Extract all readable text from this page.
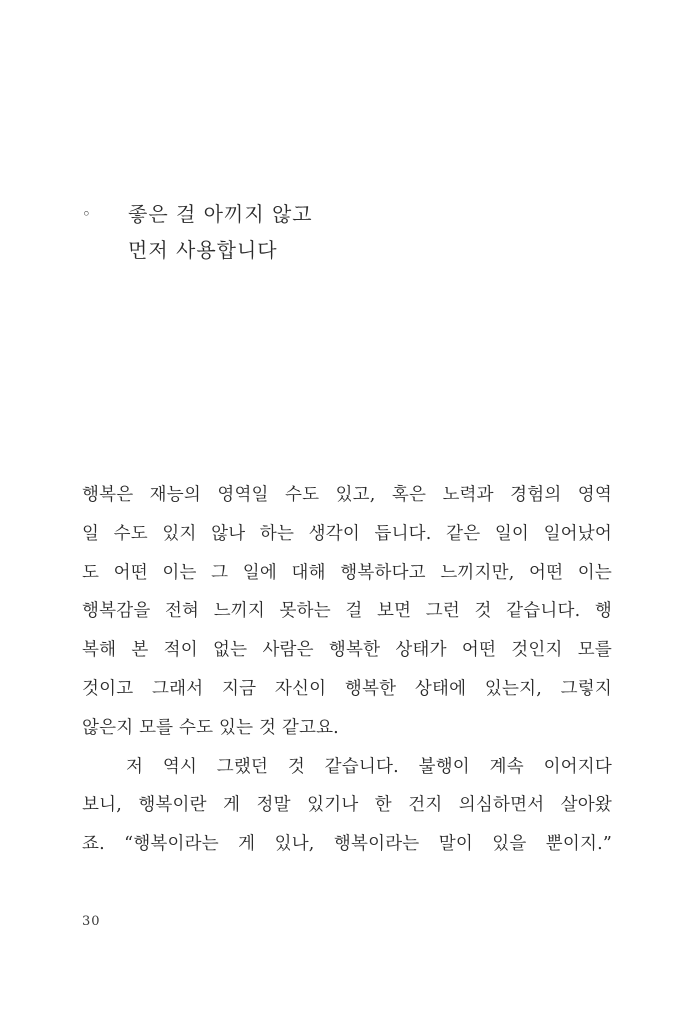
◦ 좋은 걸 아끼지 않고
먼저 사용합니다
행복은 재능의 영역일 수도 있고, 혹은 노력과 경험의 영역
일 수도 있지 않나 하는 생각이 듭니다. 같은 일이 일어났어
도 어떤 이는 그 일에 대해 행복하다고 느끼지만, 어떤 이는
행복감을 전혀 느끼지 못하는 걸 보면 그런 것 같습니다. 행
복해 본 적이 없는 사람은 행복한 상태가 어떤 것인지 모를
것이고 그래서 지금 자신이 행복한 상태에 있는지, 그렇지
않은지 모를 수도 있는 것 같고요.
저 역시 그랬던 것 같습니다. 불행이 계속 이어지다
보니, 행복이란 게 정말 있기나 한 건지 의심하면서 살아왔
죠. “행복이라는 게 있나, 행복이라는 말이 있을 뿐이지.”
30
